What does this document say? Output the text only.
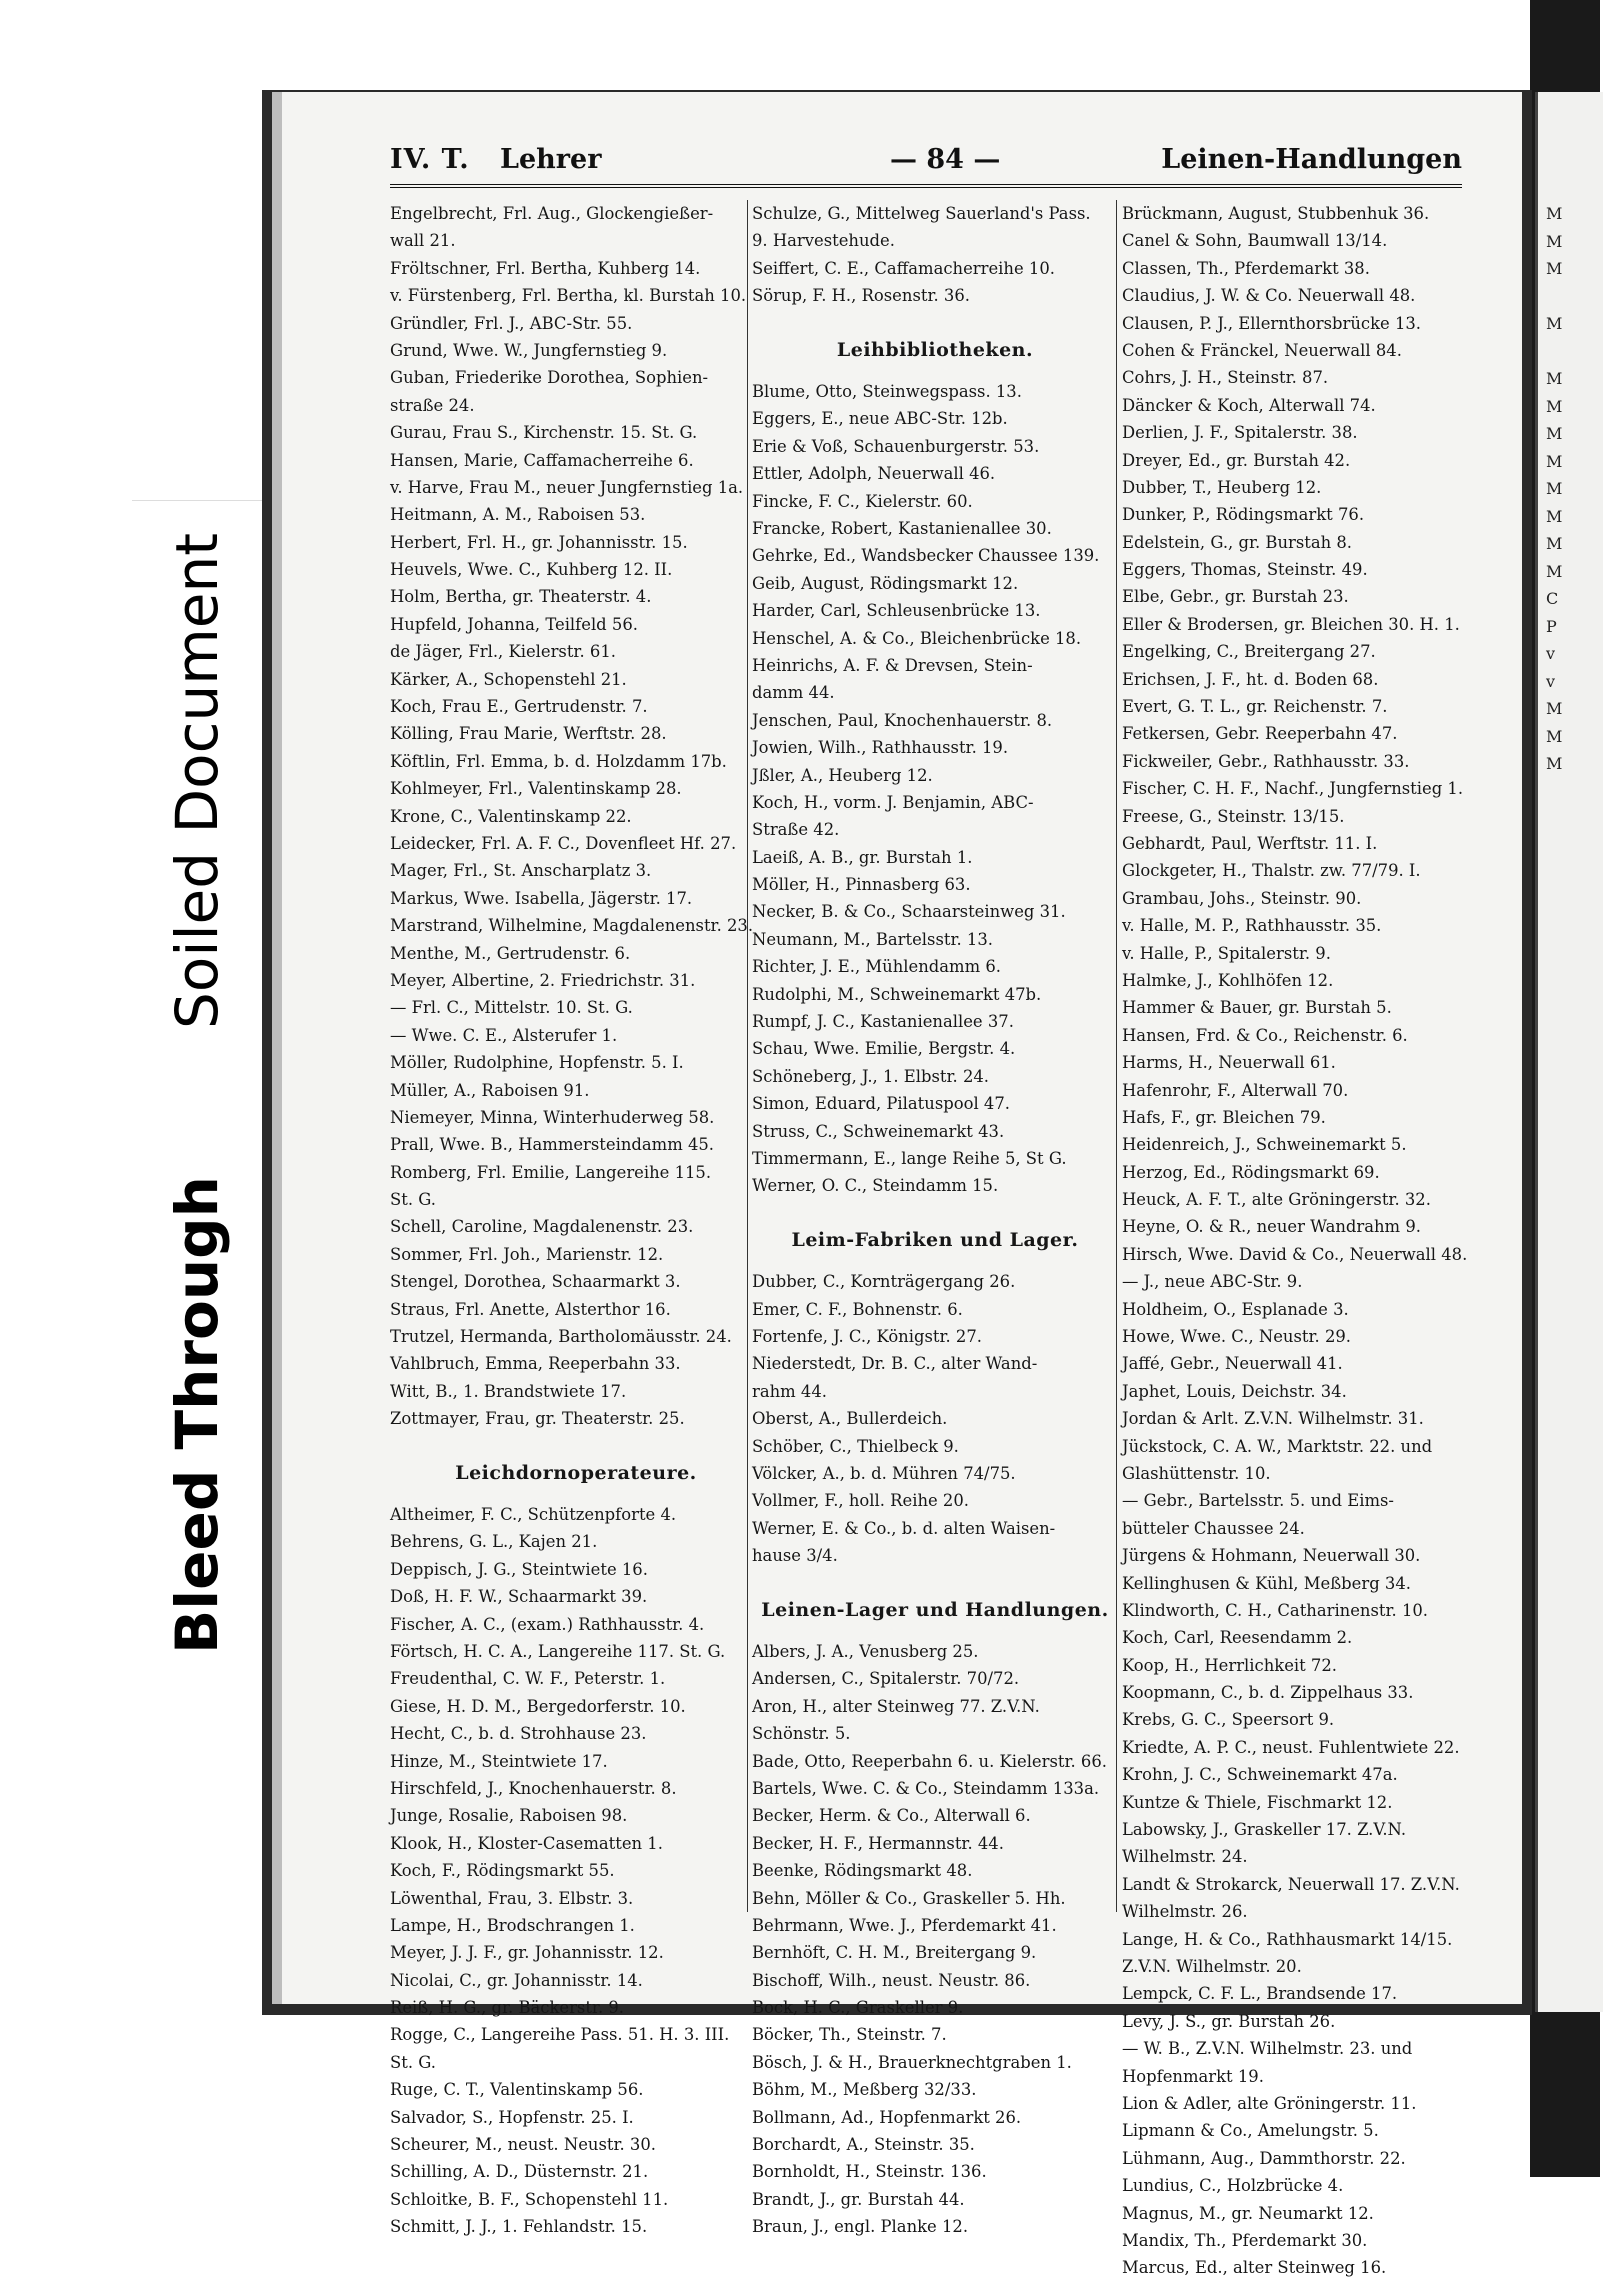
IV. T. Lehrer	— 84 —	Leinen-Handlungen
Engelbrecht, Frl. Aug., Glockengießer-
wall 21.
Fröltschner, Frl. Bertha, Kuhberg 14.
v. Fürstenberg, Frl. Bertha, kl. Burstah 10.
Gründler, Frl. J., ABC-Str. 55.
Grund, Wwe. W., Jungfernstieg 9.
Guban, Friederike Dorothea, Sophien-
straße 24.
Gurau, Frau S., Kirchenstr. 15. St. G.
Hansen, Marie, Caffamacherreihe 6.
v. Harve, Frau M., neuer Jungfernstieg 1a.
Heitmann, A. M., Raboisen 53.
Herbert, Frl. H., gr. Johannisstr. 15.
Heuvels, Wwe. C., Kuhberg 12. II.
Holm, Bertha, gr. Theaterstr. 4.
Hupfeld, Johanna, Teilfeld 56.
de Jäger, Frl., Kielerstr. 61.
Kärker, A., Schopenstehl 21.
Koch, Frau E., Gertrudenstr. 7.
Kölling, Frau Marie, Werftstr. 28.
Köftlin, Frl. Emma, b. d. Holzdamm 17b.
Kohlmeyer, Frl., Valentinskamp 28.
Krone, C., Valentinskamp 22.
Leidecker, Frl. A. F. C., Dovenfleet Hf. 27.
Mager, Frl., St. Anscharplatz 3.
Markus, Wwe. Isabella, Jägerstr. 17.
Marstrand, Wilhelmine, Magdalenenstr. 23.
Menthe, M., Gertrudenstr. 6.
Meyer, Albertine, 2. Friedrichstr. 31.
— Frl. C., Mittelstr. 10. St. G.
— Wwe. C. E., Alsterufer 1.
Möller, Rudolphine, Hopfenstr. 5. I.
Müller, A., Raboisen 91.
Niemeyer, Minna, Winterhuderweg 58.
Prall, Wwe. B., Hammersteindamm 45.
Romberg, Frl. Emilie, Langereihe 115.
St. G.
Schell, Caroline, Magdalenenstr. 23.
Sommer, Frl. Joh., Marienstr. 12.
Stengel, Dorothea, Schaarmarkt 3.
Straus, Frl. Anette, Alsterthor 16.
Trutzel, Hermanda, Bartholomäusstr. 24.
Vahlbruch, Emma, Reeperbahn 33.
Witt, B., 1. Brandstwiete 17.
Zottmayer, Frau, gr. Theaterstr. 25.
Leichdornoperateure.
Altheimer, F. C., Schützenpforte 4.
Behrens, G. L., Kajen 21.
Deppisch, J. G., Steintwiete 16.
Doß, H. F. W., Schaarmarkt 39.
Fischer, A. C., (exam.) Rathhausstr. 4.
Förtsch, H. C. A., Langereihe 117. St. G.
Freudenthal, C. W. F., Peterstr. 1.
Giese, H. D. M., Bergedorferstr. 10.
Hecht, C., b. d. Strohhause 23.
Hinze, M., Steintwiete 17.
Hirschfeld, J., Knochenhauerstr. 8.
Junge, Rosalie, Raboisen 98.
Klook, H., Kloster-Casematten 1.
Koch, F., Rödingsmarkt 55.
Löwenthal, Frau, 3. Elbstr. 3.
Lampe, H., Brodschrangen 1.
Meyer, J. J. F., gr. Johannisstr. 12.
Nicolai, C., gr. Johannisstr. 14.
Reiß, H. G., gr. Bäckerstr. 9.
Rogge, C., Langereihe Pass. 51. H. 3. III.
St. G.
Ruge, C. T., Valentinskamp 56.
Salvador, S., Hopfenstr. 25. I.
Scheurer, M., neust. Neustr. 30.
Schilling, A. D., Düsternstr. 21.
Schloitke, B. F., Schopenstehl 11.
Schmitt, J. J., 1. Fehlandstr. 15.
Schulze, G., Mittelweg Sauerland's Pass.
9. Harvestehude.
Seiffert, C. E., Caffamacherreihe 10.
Sörup, F. H., Rosenstr. 36.
Leihbibliotheken.
Blume, Otto, Steinwegspass. 13.
Eggers, E., neue ABC-Str. 12b.
Erie & Voß, Schauenburgerstr. 53.
Ettler, Adolph, Neuerwall 46.
Fincke, F. C., Kielerstr. 60.
Francke, Robert, Kastanienallee 30.
Gehrke, Ed., Wandsbecker Chaussee 139.
Geib, August, Rödingsmarkt 12.
Harder, Carl, Schleusenbrücke 13.
Henschel, A. & Co., Bleichenbrücke 18.
Heinrichs, A. F. & Drevsen, Stein-
damm 44.
Jenschen, Paul, Knochenhauerstr. 8.
Jowien, Wilh., Rathhausstr. 19.
Jßler, A., Heuberg 12.
Koch, H., vorm. J. Benjamin, ABC-
Straße 42.
Laeiß, A. B., gr. Burstah 1.
Möller, H., Pinnasberg 63.
Necker, B. & Co., Schaarsteinweg 31.
Neumann, M., Bartelsstr. 13.
Richter, J. E., Mühlendamm 6.
Rudolphi, M., Schweinemarkt 47b.
Rumpf, J. C., Kastanienallee 37.
Schau, Wwe. Emilie, Bergstr. 4.
Schöneberg, J., 1. Elbstr. 24.
Simon, Eduard, Pilatuspool 47.
Struss, C., Schweinemarkt 43.
Timmermann, E., lange Reihe 5, St G.
Werner, O. C., Steindamm 15.
Leim-Fabriken und Lager.
Dubber, C., Kornträgergang 26.
Emer, C. F., Bohnenstr. 6.
Fortenfe, J. C., Königstr. 27.
Niederstedt, Dr. B. C., alter Wand-
rahm 44.
Oberst, A., Bullerdeich.
Schöber, C., Thielbeck 9.
Völcker, A., b. d. Mühren 74/75.
Vollmer, F., holl. Reihe 20.
Werner, E. & Co., b. d. alten Waisen-
hause 3/4.
Leinen-Lager und Handlungen.
Albers, J. A., Venusberg 25.
Andersen, C., Spitalerstr. 70/72.
Aron, H., alter Steinweg 77. Z.V.N.
Schönstr. 5.
Bade, Otto, Reeperbahn 6. u. Kielerstr. 66.
Bartels, Wwe. C. & Co., Steindamm 133a.
Becker, Herm. & Co., Alterwall 6.
Becker, H. F., Hermannstr. 44.
Beenke, Rödingsmarkt 48.
Behn, Möller & Co., Graskeller 5. Hh.
Behrmann, Wwe. J., Pferdemarkt 41.
Bernhöft, C. H. M., Breitergang 9.
Bischoff, Wilh., neust. Neustr. 86.
Bock, H. C., Graskeller 9.
Böcker, Th., Steinstr. 7.
Bösch, J. & H., Brauerknechtgraben 1.
Böhm, M., Meßberg 32/33.
Bollmann, Ad., Hopfenmarkt 26.
Borchardt, A., Steinstr. 35.
Bornholdt, H., Steinstr. 136.
Brandt, J., gr. Burstah 44.
Braun, J., engl. Planke 12.
Brückmann, August, Stubbenhuk 36.
Canel & Sohn, Baumwall 13/14.
Classen, Th., Pferdemarkt 38.
Claudius, J. W. & Co. Neuerwall 48.
Clausen, P. J., Ellernthorsbrücke 13.
Cohen & Fränckel, Neuerwall 84.
Cohrs, J. H., Steinstr. 87.
Däncker & Koch, Alterwall 74.
Derlien, J. F., Spitalerstr. 38.
Dreyer, Ed., gr. Burstah 42.
Dubber, T., Heuberg 12.
Dunker, P., Rödingsmarkt 76.
Edelstein, G., gr. Burstah 8.
Eggers, Thomas, Steinstr. 49.
Elbe, Gebr., gr. Burstah 23.
Eller & Brodersen, gr. Bleichen 30. H. 1.
Engelking, C., Breitergang 27.
Erichsen, J. F., ht. d. Boden 68.
Evert, G. T. L., gr. Reichenstr. 7.
Fetkersen, Gebr. Reeperbahn 47.
Fickweiler, Gebr., Rathhausstr. 33.
Fischer, C. H. F., Nachf., Jungfernstieg 1.
Freese, G., Steinstr. 13/15.
Gebhardt, Paul, Werftstr. 11. I.
Glockgeter, H., Thalstr. zw. 77/79. I.
Grambau, Johs., Steinstr. 90.
v. Halle, M. P., Rathhausstr. 35.
v. Halle, P., Spitalerstr. 9.
Halmke, J., Kohlhöfen 12.
Hammer & Bauer, gr. Burstah 5.
Hansen, Frd. & Co., Reichenstr. 6.
Harms, H., Neuerwall 61.
Hafenrohr, F., Alterwall 70.
Hafs, F., gr. Bleichen 79.
Heidenreich, J., Schweinemarkt 5.
Herzog, Ed., Rödingsmarkt 69.
Heuck, A. F. T., alte Gröningerstr. 32.
Heyne, O. & R., neuer Wandrahm 9.
Hirsch, Wwe. David & Co., Neuerwall 48.
— J., neue ABC-Str. 9.
Holdheim, O., Esplanade 3.
Howe, Wwe. C., Neustr. 29.
Jaffé, Gebr., Neuerwall 41.
Japhet, Louis, Deichstr. 34.
Jordan & Arlt. Z.V.N. Wilhelmstr. 31.
Jückstock, C. A. W., Marktstr. 22. und
Glashüttenstr. 10.
— Gebr., Bartelsstr. 5. und Eims-
bütteler Chaussee 24.
Jürgens & Hohmann, Neuerwall 30.
Kellinghusen & Kühl, Meßberg 34.
Klindworth, C. H., Catharinenstr. 10.
Koch, Carl, Reesendamm 2.
Koop, H., Herrlichkeit 72.
Koopmann, C., b. d. Zippelhaus 33.
Krebs, G. C., Speersort 9.
Kriedte, A. P. C., neust. Fuhlentwiete 22.
Krohn, J. C., Schweinemarkt 47a.
Kuntze & Thiele, Fischmarkt 12.
Labowsky, J., Graskeller 17. Z.V.N.
Wilhelmstr. 24.
Landt & Strokarck, Neuerwall 17. Z.V.N.
Wilhelmstr. 26.
Lange, H. & Co., Rathhausmarkt 14/15.
Z.V.N. Wilhelmstr. 20.
Lempck, C. F. L., Brandsende 17.
Levy, J. S., gr. Burstah 26.
— W. B., Z.V.N. Wilhelmstr. 23. und
Hopfenmarkt 19.
Lion & Adler, alte Gröningerstr. 11.
Lipmann & Co., Amelungstr. 5.
Lühmann, Aug., Dammthorstr. 22.
Lundius, C., Holzbrücke 4.
Magnus, M., gr. Neumarkt 12.
Mandix, Th., Pferdemarkt 30.
Marcus, Ed., alter Steinweg 16.
M
M
M

M

M
M
M
M
M
M
M
M
C
P
v
v
M
M
M
Soiled Document
Bleed Through
